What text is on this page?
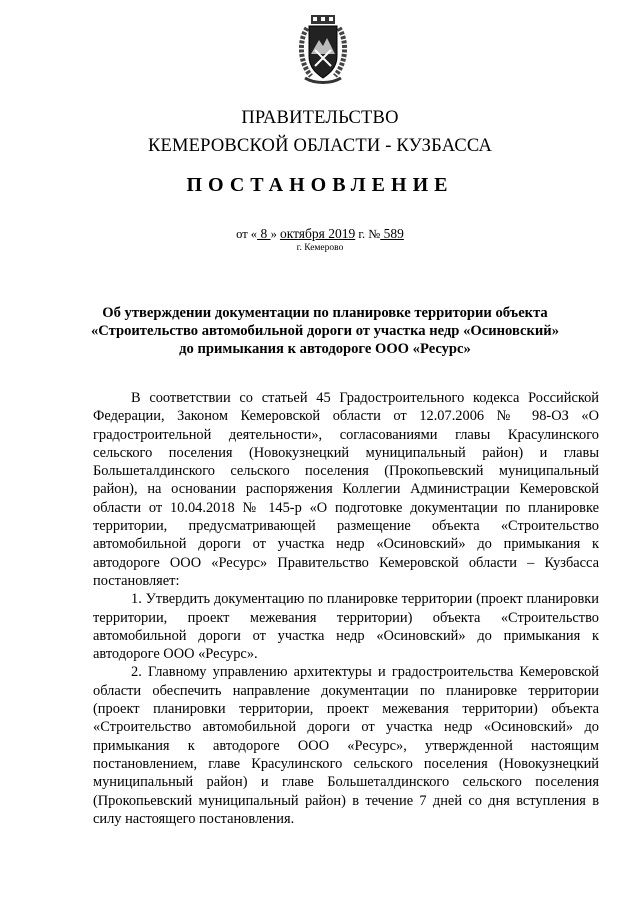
ПРАВИТЕЛЬСТВО
КЕМЕРОВСКОЙ ОБЛАСТИ - КУЗБАССА
ПОСТАНОВЛЕНИЕ
от « 8 » октября 2019 г. № 589
г. Кемерово
Об утверждении документации по планировке территории объекта
«Строительство автомобильной дороги от участка недр «Осиновский»
до примыкания к автодороге ООО «Ресурс»

В соответствии со статьей 45 Градостроительного кодекса Российской Федерации, Законом Кемеровской области от 12.07.2006 № 98-ОЗ «О градостроительной деятельности», согласованиями главы Красулинского сельского поселения (Новокузнецкий муниципальный район) и главы Большеталдинского сельского поселения (Прокопьевский муниципальный район), на основании распоряжения Коллегии Администрации Кемеровской области от 10.04.2018 № 145-р «О подготовке документации по планировке территории, предусматривающей размещение объекта «Строительство автомобильной дороги от участка недр «Осиновский» до примыкания к автодороге ООО «Ресурс» Правительство Кемеровской области – Кузбасса постановляет:

1. Утвердить документацию по планировке территории (проект планировки территории, проект межевания территории) объекта «Строительство автомобильной дороги от участка недр «Осиновский» до примыкания к автодороге ООО «Ресурс».

2. Главному управлению архитектуры и градостроительства Кемеровской области обеспечить направление документации по планировке территории (проект планировки территории, проект межевания территории) объекта «Строительство автомобильной дороги от участка недр «Осиновский» до примыкания к автодороге ООО «Ресурс», утвержденной настоящим постановлением, главе Красулинского сельского поселения (Новокузнецкий муниципальный район) и главе Большеталдинского сельского поселения (Прокопьевский муниципальный район) в течение 7 дней со дня вступления в силу настоящего постановления.
